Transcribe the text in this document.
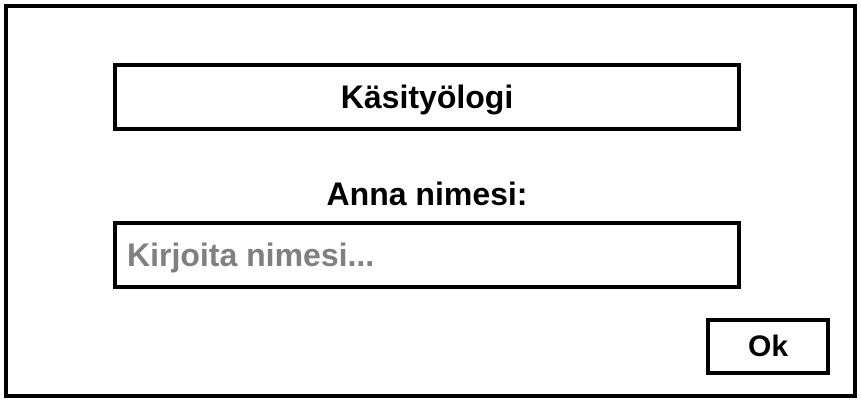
Käsityölogi
Anna nimesi:
Kirjoita nimesi...
Ok
